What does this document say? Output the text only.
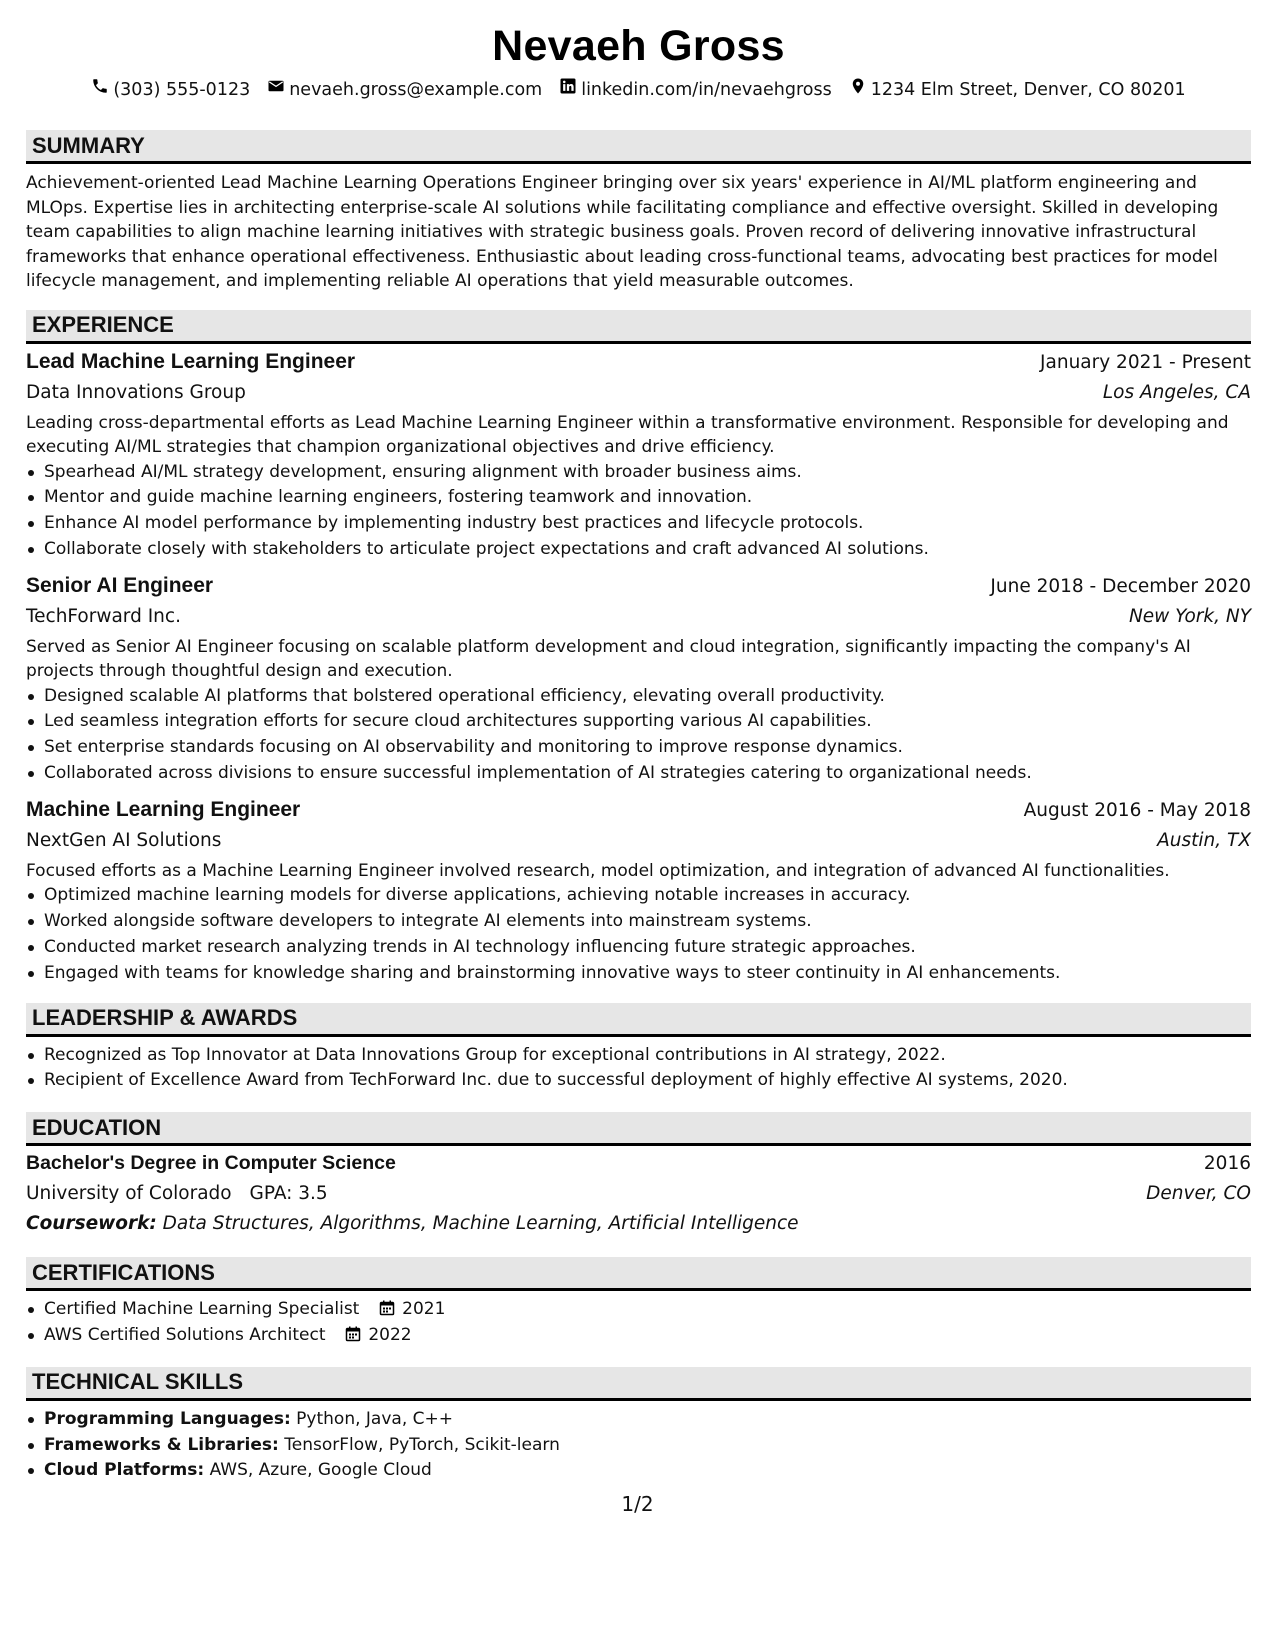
Nevaeh Gross
(303) 555-0123 nevaeh.gross@example.com linkedin.com/in/nevaehgross 1234 Elm Street, Denver, CO 80201
SUMMARY
Achievement-oriented Lead Machine Learning Operations Engineer bringing over six years' experience in AI/ML platform engineering and MLOps. Expertise lies in architecting enterprise-scale AI solutions while facilitating compliance and effective oversight. Skilled in developing team capabilities to align machine learning initiatives with strategic business goals. Proven record of delivering innovative infrastructural frameworks that enhance operational effectiveness. Enthusiastic about leading cross-functional teams, advocating best practices for model lifecycle management, and implementing reliable AI operations that yield measurable outcomes.
EXPERIENCE
Lead Machine Learning Engineer	January 2021 - Present
Data Innovations Group	Los Angeles, CA
Leading cross-departmental efforts as Lead Machine Learning Engineer within a transformative environment. Responsible for developing and executing AI/ML strategies that champion organizational objectives and drive efficiency.
Spearhead AI/ML strategy development, ensuring alignment with broader business aims.
Mentor and guide machine learning engineers, fostering teamwork and innovation.
Enhance AI model performance by implementing industry best practices and lifecycle protocols.
Collaborate closely with stakeholders to articulate project expectations and craft advanced AI solutions.
Senior AI Engineer	June 2018 - December 2020
TechForward Inc.	New York, NY
Served as Senior AI Engineer focusing on scalable platform development and cloud integration, significantly impacting the company's AI projects through thoughtful design and execution.
Designed scalable AI platforms that bolstered operational efficiency, elevating overall productivity.
Led seamless integration efforts for secure cloud architectures supporting various AI capabilities.
Set enterprise standards focusing on AI observability and monitoring to improve response dynamics.
Collaborated across divisions to ensure successful implementation of AI strategies catering to organizational needs.
Machine Learning Engineer	August 2016 - May 2018
NextGen AI Solutions	Austin, TX
Focused efforts as a Machine Learning Engineer involved research, model optimization, and integration of advanced AI functionalities.
Optimized machine learning models for diverse applications, achieving notable increases in accuracy.
Worked alongside software developers to integrate AI elements into mainstream systems.
Conducted market research analyzing trends in AI technology influencing future strategic approaches.
Engaged with teams for knowledge sharing and brainstorming innovative ways to steer continuity in AI enhancements.
LEADERSHIP & AWARDS
Recognized as Top Innovator at Data Innovations Group for exceptional contributions in AI strategy, 2022.
Recipient of Excellence Award from TechForward Inc. due to successful deployment of highly effective AI systems, 2020.
EDUCATION
Bachelor's Degree in Computer Science	2016
University of Colorado GPA: 3.5	Denver, CO
Coursework: Data Structures, Algorithms, Machine Learning, Artificial Intelligence
CERTIFICATIONS
Certified Machine Learning Specialist	2021
AWS Certified Solutions Architect	2022
TECHNICAL SKILLS
Programming Languages: Python, Java, C++
Frameworks & Libraries: TensorFlow, PyTorch, Scikit-learn
Cloud Platforms: AWS, Azure, Google Cloud
1/2
